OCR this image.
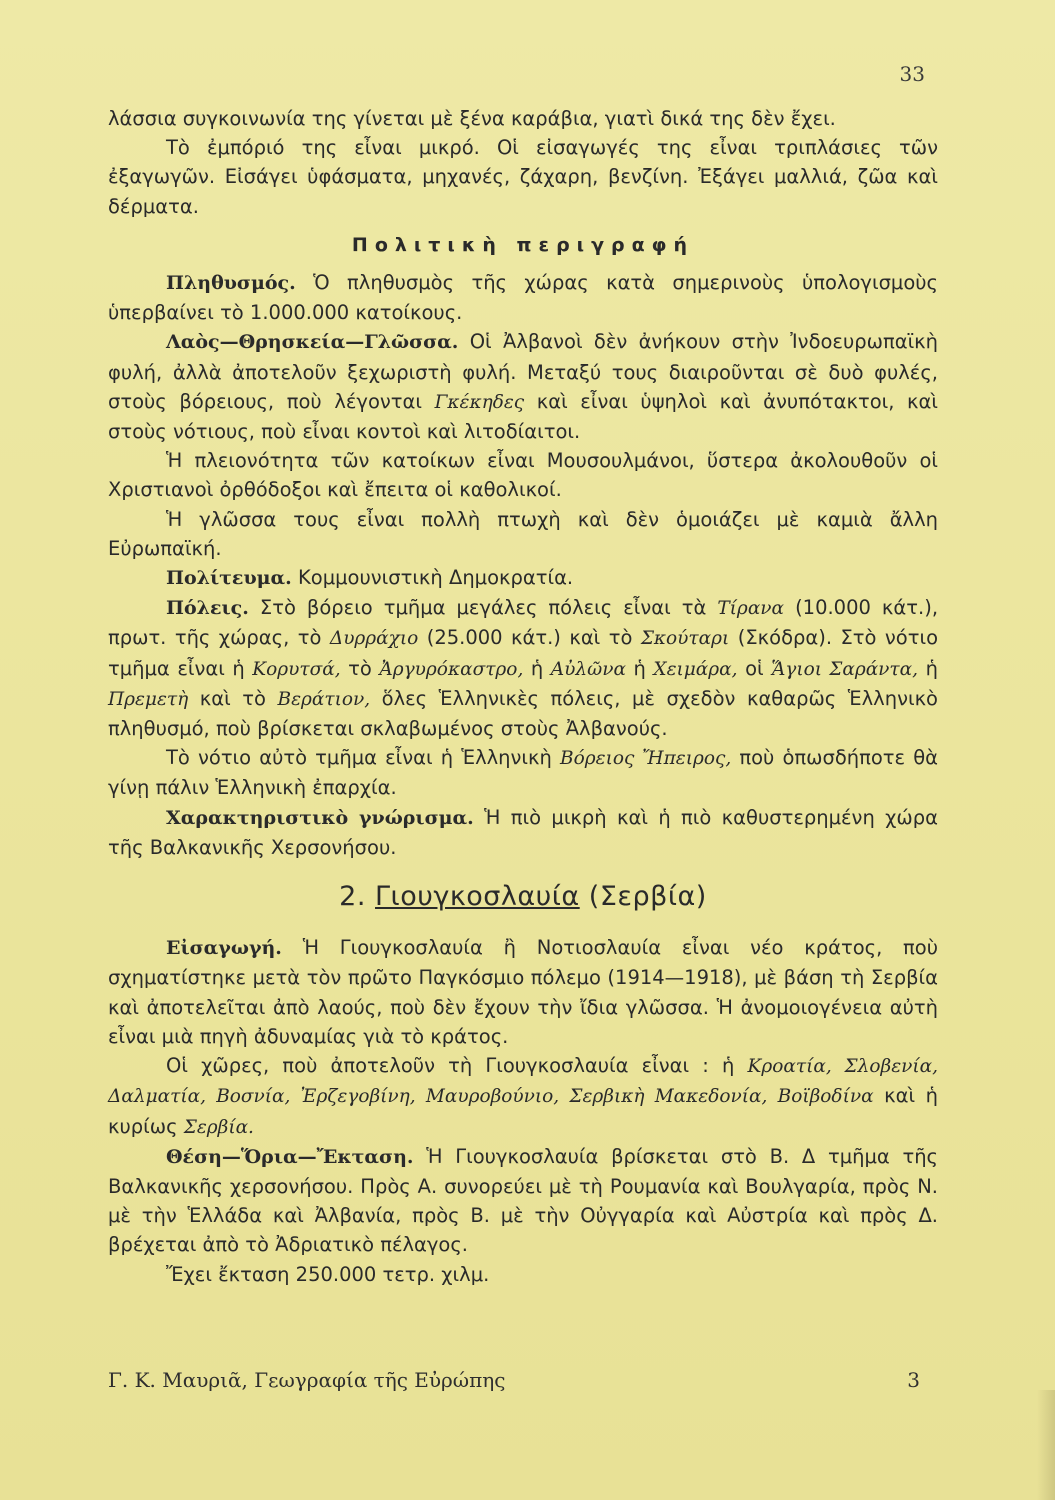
33

λάσσια συγκοινωνία της γίνεται μὲ ξένα καράβια, γιατὶ δικά της δὲν ἔχει.

Τὸ ἐμπόριό της εἶναι μικρό. Οἱ εἰσαγωγές της εἶναι τριπλάσιες τῶν ἐξαγωγῶν. Εἰσάγει ὑφάσματα, μηχανές, ζάχαρη, βενζίνη. Ἐξάγει μαλλιά, ζῶα καὶ δέρματα.

Πολιτικὴ περιγραφή

Πληθυσμός. Ὁ πληθυσμὸς τῆς χώρας κατὰ σημερινοὺς ὑπολογισμοὺς ὑπερβαίνει τὸ 1.000.000 κατοίκους.

Λαὸς—Θρησκεία—Γλῶσσα. Οἱ Ἀλβανοὶ δὲν ἀνήκουν στὴν Ἰνδοευρωπαϊκὴ φυλή, ἀλλὰ ἀποτελοῦν ξεχωριστὴ φυλή. Μεταξύ τους διαιροῦνται σὲ δυὸ φυλές, στοὺς βόρειους, ποὺ λέγονται Γκέκηδες καὶ εἶναι ὑψηλοὶ καὶ ἀνυπότακτοι, καὶ στοὺς νότιους, ποὺ εἶναι κοντοὶ καὶ λιτοδίαιτοι.

Ἡ πλειονότητα τῶν κατοίκων εἶναι Μουσουλμάνοι, ὕστερα ἀκολουθοῦν οἱ Χριστιανοὶ ὀρθόδοξοι καὶ ἔπειτα οἱ καθολικοί.

Ἡ γλῶσσα τους εἶναι πολλὴ πτωχὴ καὶ δὲν ὁμοιάζει μὲ καμιὰ ἄλλη Εὐρωπαϊκή.

Πολίτευμα. Κομμουνιστικὴ Δημοκρατία.

Πόλεις. Στὸ βόρειο τμῆμα μεγάλες πόλεις εἶναι τὰ Τίρανα (10.000 κάτ.), πρωτ. τῆς χώρας, τὸ Δυρράχιο (25.000 κάτ.) καὶ τὸ Σκούταρι (Σκόδρα). Στὸ νότιο τμῆμα εἶναι ἡ Κορυτσά, τὸ Ἀργυρόκαστρο, ἡ Αὐλῶνα ἡ Χειμάρα, οἱ Ἅγιοι Σαράντα, ἡ Πρεμετὴ καὶ τὸ Βεράτιον, ὅλες Ἑλληνικὲς πόλεις, μὲ σχεδὸν καθαρῶς Ἑλληνικὸ πληθυσμό, ποὺ βρίσκεται σκλαβωμένος στοὺς Ἀλβανούς.

Τὸ νότιο αὐτὸ τμῆμα εἶναι ἡ Ἑλληνικὴ Βόρειος Ἤπειρος, ποὺ ὁπωσδήποτε θὰ γίνῃ πάλιν Ἑλληνικὴ ἐπαρχία.

Χαρακτηριστικὸ γνώρισμα. Ἡ πιὸ μικρὴ καὶ ἡ πιὸ καθυστερημένη χώρα τῆς Βαλκανικῆς Χερσονήσου.

2. Γιουγκοσλαυία (Σερβία)

Εἰσαγωγή. Ἡ Γιουγκοσλαυία ἢ Νοτιοσλαυία εἶναι νέο κράτος, ποὺ σχηματίστηκε μετὰ τὸν πρῶτο Παγκόσμιο πόλεμο (1914—1918), μὲ βάση τὴ Σερβία καὶ ἀποτελεῖται ἀπὸ λαούς, ποὺ δὲν ἔχουν τὴν ἴδια γλῶσσα. Ἡ ἀνομοιογένεια αὐτὴ εἶναι μιὰ πηγὴ ἀδυναμίας γιὰ τὸ κράτος.

Οἱ χῶρες, ποὺ ἀποτελοῦν τὴ Γιουγκοσλαυία εἶναι : ἡ Κροατία, Σλοβενία, Δαλματία, Βοσνία, Ἐρζεγοβίνη, Μαυροβούνιο, Σερβικὴ Μακεδονία, Βοϊβοδίνα καὶ ἡ κυρίως Σερβία.

Θέση—Ὅρια—Ἔκταση. Ἡ Γιουγκοσλαυία βρίσκεται στὸ Β. Δ τμῆμα τῆς Βαλκανικῆς χερσονήσου. Πρὸς Α. συνορεύει μὲ τὴ Ρουμανία καὶ Βουλγαρία, πρὸς Ν. μὲ τὴν Ἑλλάδα καὶ Ἀλβανία, πρὸς Β. μὲ τὴν Οὐγγαρία καὶ Αὐστρία καὶ πρὸς Δ. βρέχεται ἀπὸ τὸ Ἀδριατικὸ πέλαγος.

Ἔχει ἔκταση 250.000 τετρ. χιλμ.

Γ. Κ. Μαυριᾶ, Γεωγραφία τῆς Εὐρώπης	3
